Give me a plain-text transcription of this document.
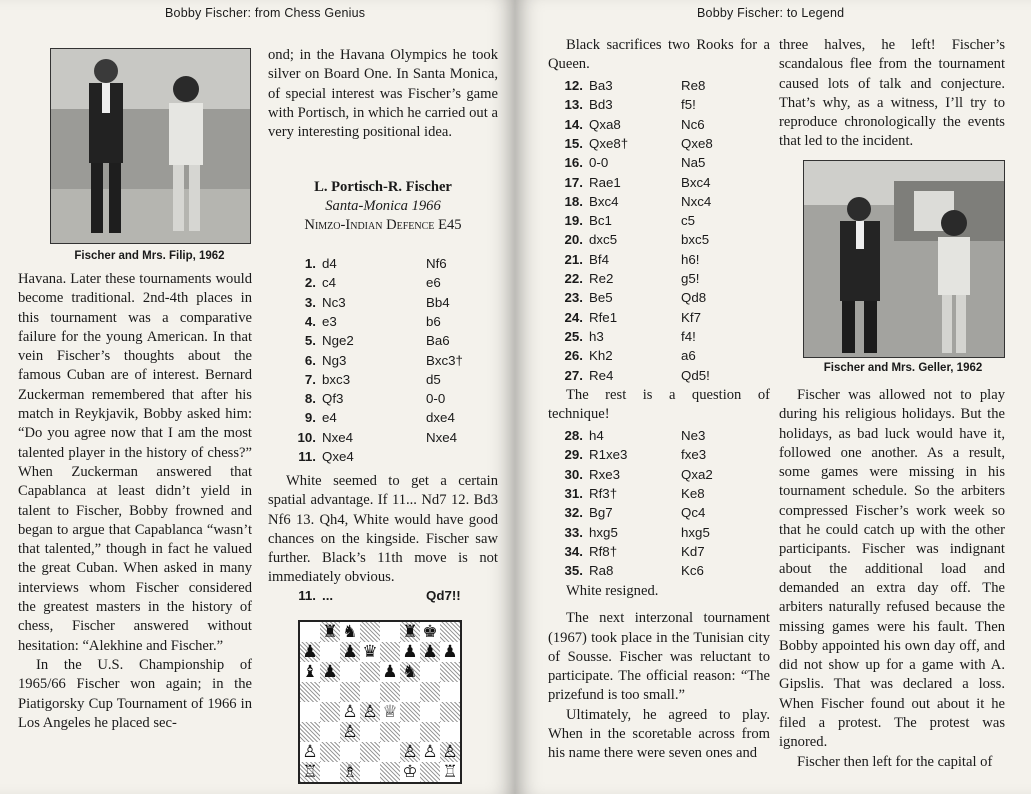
Bobby Fischer: from Chess Genius
Fischer and Mrs. Filip, 1962

Havana. Later these tournaments would become traditional. 2nd-4th places in this tournament was a comparative failure for the young American. In that vein Fischer’s thoughts about the famous Cuban are of interest. Bernard Zuckerman remembered that after his match in Reykjavik, Bobby asked him: “Do you agree now that I am the most talented player in the history of chess?” When Zuckerman answered that Capablanca at least didn’t yield in talent to Fischer, Bobby frowned and began to argue that Capablanca “wasn’t that talented,” though in fact he valued the great Cuban. When asked in many interviews whom Fischer considered the greatest masters in the history of chess, Fischer answered without hesitation: “Alekhine and Fischer.”

In the U.S. Championship of 1965/66 Fischer won again; in the Piatigorsky Cup Tournament of 1966 in Los Angeles he placed sec-

ond; in the Havana Olympics he took silver on Board One. In Santa Monica, of special interest was Fischer’s game with Portisch, in which he carried out a very interesting positional idea.

L. Portisch-R. Fischer
Santa-Monica 1966
Nimzo-Indian Defence E45
1. d4	Nf6
2. c4	e6
3. Nc3	Bb4
4. e3	b6
5. Nge2	Ba6
6. Ng3	Bxc3†
7. bxc3	d5
8. Qf3	0-0
9. e4	dxe4
10. Nxe4	Nxe4
11. Qxe4

White seemed to get a certain spatial advantage. If 11... Nd7 12. Bd3 Nf6 13. Qh4, White would have good chances on the kingside. Fischer saw further. Black’s 11th move is not immediately obvious.

11. ...	Qd7!!
♜ ♞	♜ ♚
♟ ♟ ♛ ♟ ♟ ♟
♝ ♟	♟ ♞
♙ ♙ ♕
♙
♙	♙ ♙ ♙
♖ ♗	♔ ♖
Bobby Fischer: to Legend

Black sacrifices two Rooks for a Queen.

12. Ba3	Re8
13. Bd3	f5!
14. Qxa8	Nc6
15. Qxe8†	Qxe8
16. 0-0	Na5
17. Rae1	Bxc4
18. Bxc4	Nxc4
19. Bc1	c5
20. dxc5	bxc5
21. Bf4	h6!
22. Re2	g5!
23. Be5	Qd8
24. Rfe1	Kf7
25. h3	f4!
26. Kh2	a6
27. Re4	Qd5!

The rest is a question of technique!

28. h4	Ne3
29. R1xe3	fxe3
30. Rxe3	Qxa2
31. Rf3†	Ke8
32. Bg7	Qc4
33. hxg5	hxg5
34. Rf8†	Kd7
35. Ra8	Kc6

White resigned.

The next interzonal tournament (1967) took place in the Tunisian city of Sousse. Fischer was reluctant to participate. The official reason: “The prizefund is too small.”

Ultimately, he agreed to play. When in the scoretable across from his name there were seven ones and

three halves, he left! Fischer’s scandalous flee from the tournament caused lots of talk and conjecture. That’s why, as a witness, I’ll try to reproduce chronologically the events that led to the incident.

Fischer and Mrs. Geller, 1962

Fischer was allowed not to play during his religious holidays. But the holidays, as bad luck would have it, followed one another. As a result, some games were missing in his tournament schedule. So the arbiters compressed Fischer’s work week so that he could catch up with the other participants. Fischer was indignant about the additional load and demanded an extra day off. The arbiters naturally refused because the missing games were his fault. Then Bobby appointed his own day off, and did not show up for a game with A. Gipslis. That was declared a loss. When Fischer found out about it he filed a protest. The protest was ignored.

Fischer then left for the capital of
